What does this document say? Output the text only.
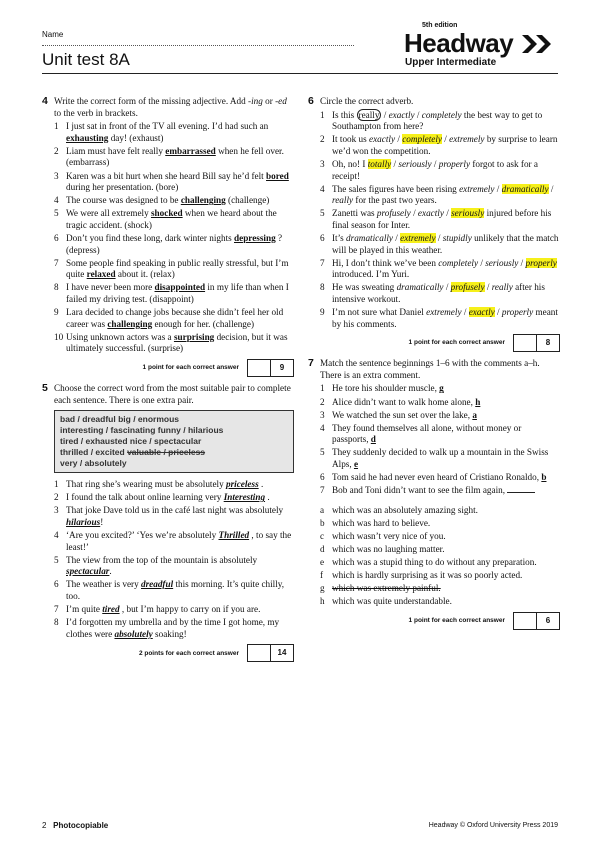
Name
Unit test 8A
5th edition
Headway
Upper Intermediate
4 Write the correct form of the missing adjective. Add -ing or -ed to the verb in brackets.
1 I just sat in front of the TV all evening. I’d had such an exhausting day! (exhaust)
2 Liam must have felt really embarrassed when he fell over. (embarrass)
3 Karen was a bit hurt when she heard Bill say he’d felt bored during her presentation. (bore)
4 The course was designed to be challenging (challenge)
5 We were all extremely shocked when we heard about the tragic accident. (shock)
6 Don’t you find these long, dark winter nights depressing ? (depress)
7 Some people find speaking in public really stressful, but I’m quite relaxed about it. (relax)
8 I have never been more disappointed in my life than when I failed my driving test. (disappoint)
9 Lara decided to change jobs because she didn’t feel her old career was challenging enough for her. (challenge)
10 Using unknown actors was a surprising decision, but it was ultimately successful. (surprise)
1 point for each correct answer	9
5 Choose the correct word from the most suitable pair to complete each sentence. There is one extra pair.
bad / dreadful big / enormous
interesting / fascinating funny / hilarious
tired / exhausted nice / spectacular
thrilled / excited valuable / priceless
very / absolutely
1 That ring she’s wearing must be absolutely priceless .
2 I found the talk about online learning very Interesting .
3 That joke Dave told us in the café last night was absolutely hilarious!
4 ‘Are you excited?’ ‘Yes we’re absolutely Thrilled , to say the least!’
5 The view from the top of the mountain is absolutely spectacular.
6 The weather is very dreadful this morning. It’s quite chilly, too.
7 I’m quite tired , but I’m happy to carry on if you are.
8 I’d forgotten my umbrella and by the time I got home, my clothes were absolutely soaking!
2 points for each correct answer	14
6 Circle the correct adverb.
1 Is this really / exactly / completely the best way to get to Southampton from here?
2 It took us exactly / completely / extremely by surprise to learn we’d won the competition.
3 Oh, no! I totally / seriously / properly forgot to ask for a receipt!
4 The sales figures have been rising extremely / dramatically / really for the past two years.
5 Zanetti was profusely / exactly / seriously injured before his final season for Inter.
6 It’s dramatically / extremely / stupidly unlikely that the match will be played in this weather.
7 Hi, I don’t think we’ve been completely / seriously / properly introduced. I’m Yuri.
8 He was sweating dramatically / profusely / really after his intensive workout.
9 I’m not sure what Daniel extremely / exactly / properly meant by his comments.
1 point for each correct answer	8
7 Match the sentence beginnings 1–6 with the comments a–h. There is an extra comment.
1 He tore his shoulder muscle, g
2 Alice didn’t want to walk home alone, h
3 We watched the sun set over the lake, a
4 They found themselves all alone, without money or passports, d
5 They suddenly decided to walk up a mountain in the Swiss Alps, e
6 Tom said he had never even heard of Cristiano Ronaldo, b
7 Bob and Toni didn’t want to see the film again,
a which was an absolutely amazing sight.
b which was hard to believe.
c which wasn’t very nice of you.
d which was no laughing matter.
e which was a stupid thing to do without any preparation.
f which is hardly surprising as it was so poorly acted.
g which was extremely painful.
h which was quite understandable.
1 point for each correct answer	6
2 Photocopiable	Headway © Oxford University Press 2019
